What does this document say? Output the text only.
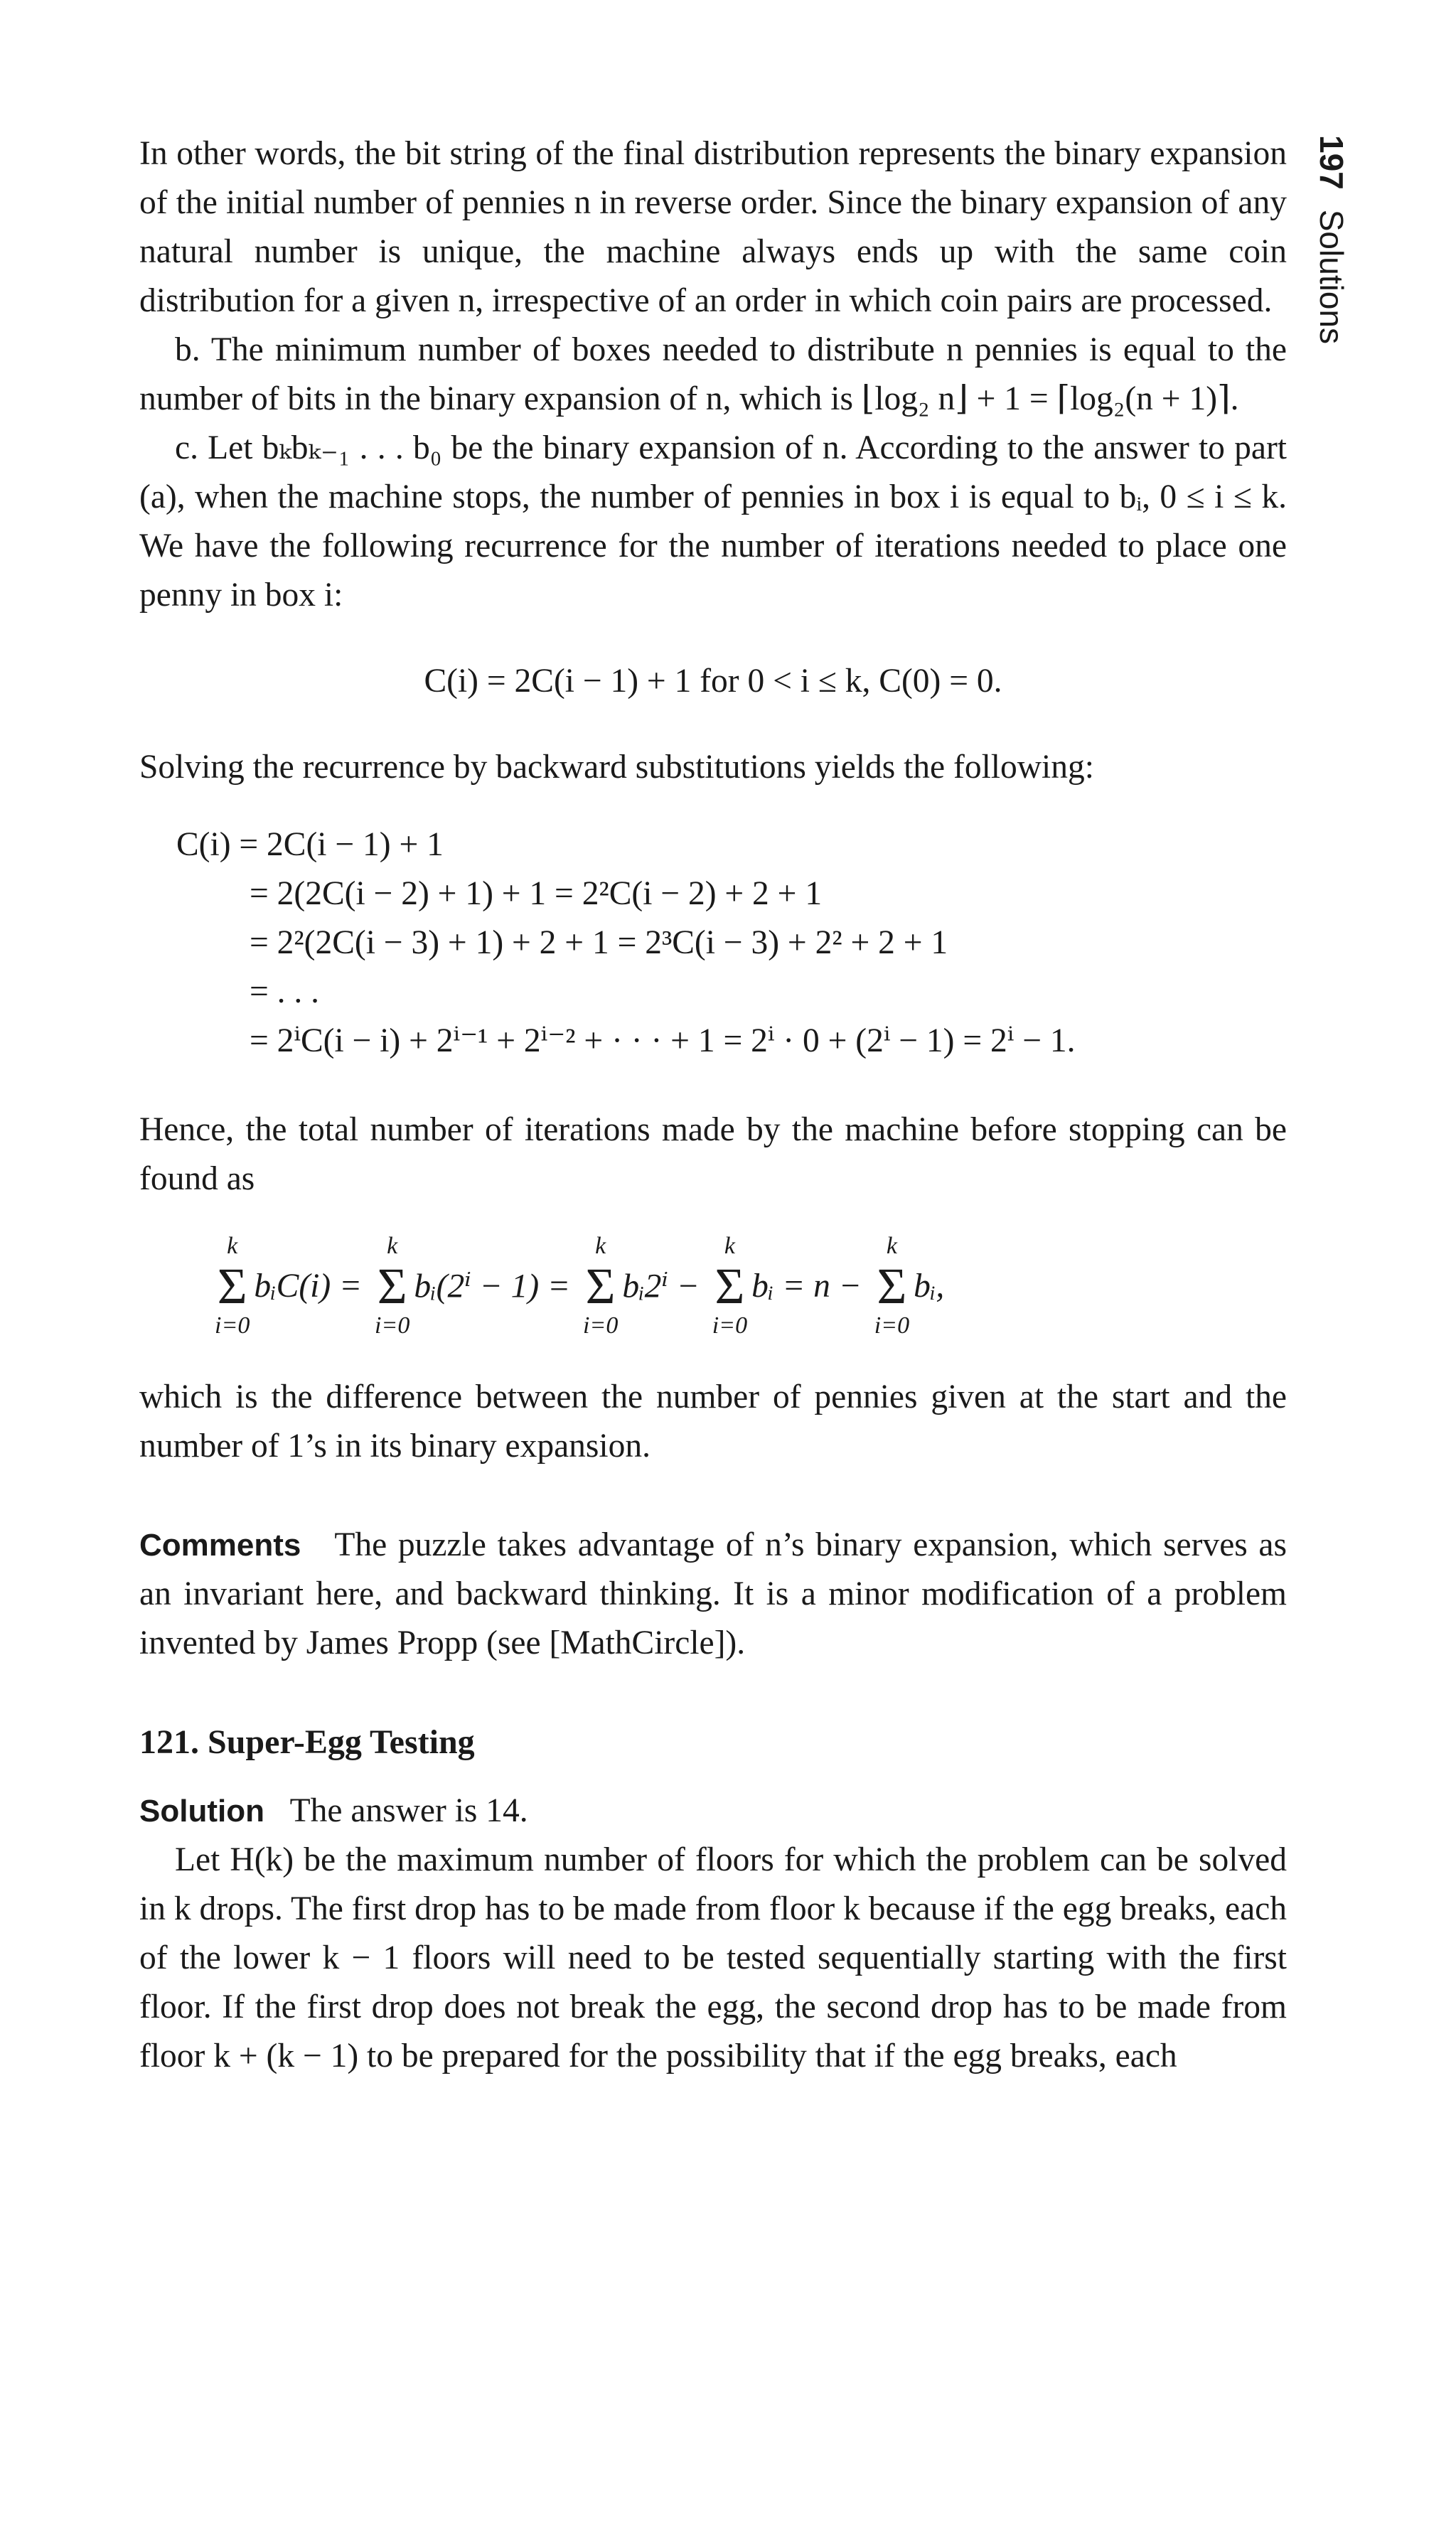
197Solutions

In other words, the bit string of the final distribution represents the binary expansion of the initial number of pennies n in reverse order. Since the binary expansion of any natural number is unique, the machine always ends up with the same coin distribution for a given n, irrespective of an order in which coin pairs are processed.

b. The minimum number of boxes needed to distribute n pennies is equal to the number of bits in the binary expansion of n, which is ⌊log₂ n⌋ + 1 = ⌈log₂(n + 1)⌉.

c. Let bₖbₖ₋₁ . . . b₀ be the binary expansion of n. According to the answer to part (a), when the machine stops, the number of pennies in box i is equal to bᵢ, 0 ≤ i ≤ k. We have the following recurrence for the number of iterations needed to place one penny in box i:

C(i) = 2C(i − 1) + 1 for 0 < i ≤ k, C(0) = 0.

Solving the recurrence by backward substitutions yields the following:

C(i) = 2C(i − 1) + 1
= 2(2C(i − 2) + 1) + 1 = 2²C(i − 2) + 2 + 1
= 2²(2C(i − 3) + 1) + 2 + 1 = 2³C(i − 3) + 2² + 2 + 1
= . . .
= 2ⁱC(i − i) + 2ⁱ⁻¹ + 2ⁱ⁻² + · · · + 1 = 2ⁱ · 0 + (2ⁱ − 1) = 2ⁱ − 1.

Hence, the total number of iterations made by the machine before stopping can be found as

k
Σ
i=0
bᵢC(i) =
k
Σ
i=0
bᵢ(2ⁱ − 1) =
k
Σ
i=0
bᵢ2ⁱ −
k
Σ
i=0
bᵢ = n −
k
Σ
i=0
bᵢ,

which is the difference between the number of pennies given at the start and the number of 1’s in its binary expansion.

Comments The puzzle takes advantage of n’s binary expansion, which serves as an invariant here, and backward thinking. It is a minor modification of a problem invented by James Propp (see [MathCircle]).

121. Super-Egg Testing

Solution The answer is 14.

Let H(k) be the maximum number of floors for which the problem can be solved in k drops. The first drop has to be made from floor k because if the egg breaks, each of the lower k − 1 floors will need to be tested sequentially starting with the first floor. If the first drop does not break the egg, the second drop has to be made from floor k + (k − 1) to be prepared for the possibility that if the egg breaks, each
